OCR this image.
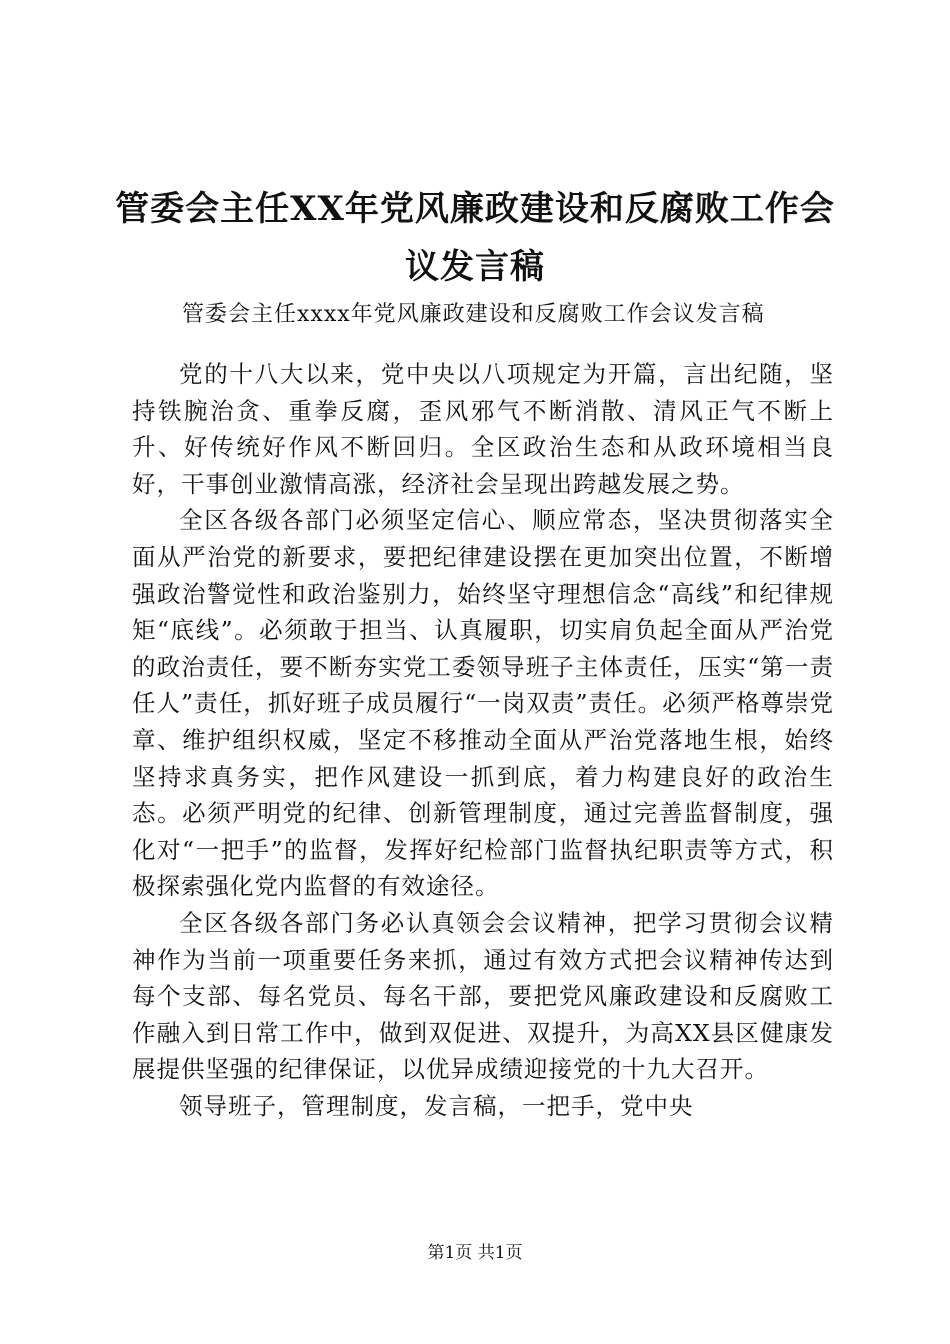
管委会主任XX年党风廉政建设和反腐败工作会议发言稿
管委会主任xxxx年党风廉政建设和反腐败工作会议发言稿

党的十八大以来，党中央以八项规定为开篇，言出纪随，坚持铁腕治贪、重拳反腐，歪风邪气不断消散、清风正气不断上升、好传统好作风不断回归。全区政治生态和从政环境相当良好，干事创业激情高涨，经济社会呈现出跨越发展之势。

全区各级各部门必须坚定信心、顺应常态，坚决贯彻落实全面从严治党的新要求，要把纪律建设摆在更加突出位置，不断增强政治警觉性和政治鉴别力，始终坚守理想信念“高线”和纪律规矩“底线”。必须敢于担当、认真履职，切实肩负起全面从严治党的政治责任，要不断夯实党工委领导班子主体责任，压实“第一责任人”责任，抓好班子成员履行“一岗双责”责任。必须严格尊崇党章、维护组织权威，坚定不移推动全面从严治党落地生根，始终坚持求真务实，把作风建设一抓到底，着力构建良好的政治生态。必须严明党的纪律、创新管理制度，通过完善监督制度，强化对“一把手”的监督，发挥好纪检部门监督执纪职责等方式，积极探索强化党内监督的有效途径。

全区各级各部门务必认真领会会议精神，把学习贯彻会议精神作为当前一项重要任务来抓，通过有效方式把会议精神传达到每个支部、每名党员、每名干部，要把党风廉政建设和反腐败工作融入到日常工作中，做到双促进、双提升，为高XX县区健康发展提供坚强的纪律保证，以优异成绩迎接党的十九大召开。

领导班子，管理制度，发言稿，一把手，党中央

第1页 共1页
